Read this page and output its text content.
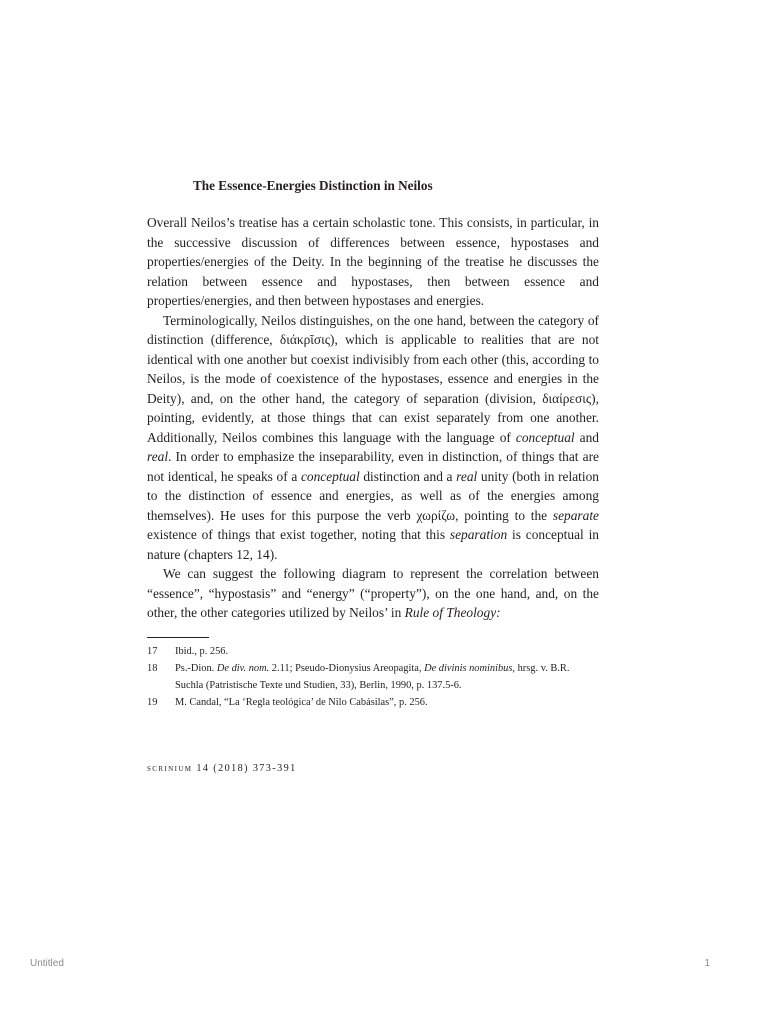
The Essence-Energies Distinction in Neilos

Overall Neilos’s treatise has a certain scholastic tone. This consists, in particular, in the successive discussion of differences between essence, hypostases and properties/energies of the Deity. In the beginning of the treatise he discusses the relation between essence and hypostases, then between essence and properties/energies, and then between hypostases and energies.

Terminologically, Neilos distinguishes, on the one hand, between the category of distinction (difference, διάκρῖσις), which is applicable to realities that are not identical with one another but coexist indivisibly from each other (this, according to Neilos, is the mode of coexistence of the hypostases, essence and energies in the Deity), and, on the other hand, the category of separation (division, διαίρεσις), pointing, evidently, at those things that can exist separately from one another. Additionally, Neilos combines this language with the language of conceptual and real. In order to emphasize the inseparability, even in distinction, of things that are not identical, he speaks of a conceptual distinction and a real unity (both in relation to the distinction of essence and energies, as well as of the energies among themselves). He uses for this purpose the verb χωρίζω, pointing to the separate existence of things that exist together, noting that this separation is conceptual in nature (chapters 12, 14).

We can suggest the following diagram to represent the correlation between “essence”, “hypostasis” and “energy” (“property”), on the one hand, and, on the other, the other categories utilized by Neilos’ in Rule of Theology:

17	Ibid., p. 256.
18	Ps.-Dion. De div. nom. 2.11; Pseudo-Dionysius Areopagita, De divinis nominibus, hrsg. v. B.R. Suchla (Patristische Texte und Studien, 33), Berlin, 1990, p. 137.5-6.
19	M. Candal, “La ‘Regla teológica’ de Nilo Cabásilas”, p. 256.
scrinium 14 (2018) 373-391
Untitled	1
